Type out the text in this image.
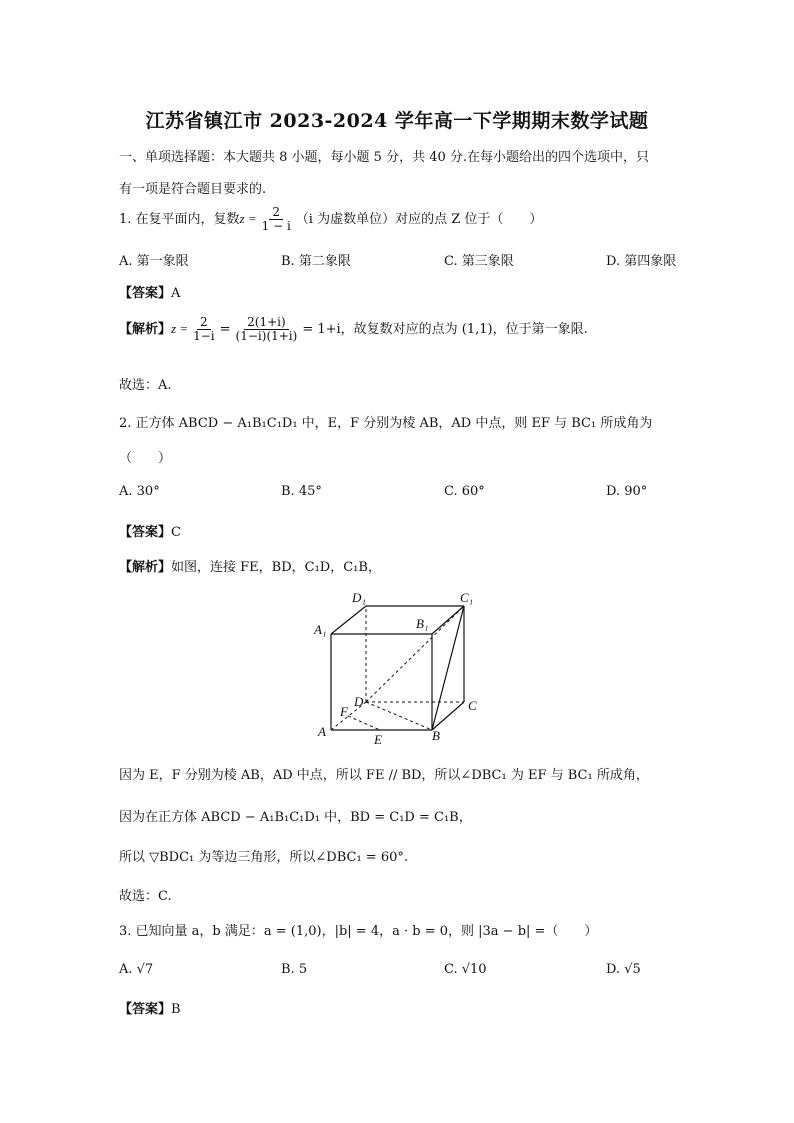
江苏省镇江市 2023-2024 学年高一下学期期末数学试题
一、单项选择题：本大题共 8 小题，每小题 5 分，共 40 分.在每小题给出的四个选项中，只
有一项是符合题目要求的.
1. 在复平面内，复数$z = \frac{2}{1 - i} (i$ 为虚数单位）对应的点 Z 位于（　　）
A. 第一象限	B. 第二象限	C. 第三象限	D. 第四象限
【答案】A
【解析】$z = \frac{2}{1-i} = \frac{2(1+i)}{(1-i)(1+i)} = 1+i$，故复数对应的点为 (1,1)，位于第一象限.
故选：A.
2. 正方体 ABCD − A₁B₁C₁D₁ 中，E，F 分别为棱 AB，AD 中点，则 EF 与 BC₁ 所成角为
（　　）
A. 30°	B. 45°	C. 60°	D. 90°
【答案】C
【解析】如图，连接 FE，BD，C₁D，C₁B，
D₁	C₁
A₁	B₁
D	C
F
A
E	B
因为 E，F 分别为棱 AB，AD 中点，所以 FE // BD，所以∠DBC₁ 为 EF 与 BC₁ 所成角，
因为在正方体 ABCD − A₁B₁C₁D₁ 中，BD = C₁D = C₁B，
所以 ▽BDC₁ 为等边三角形，所以∠DBC₁ = 60°.
故选：C.
3. 已知向量 a，b 满足：a = (1,0)，|b| = 4，a · b = 0，则 |3a − b| =（　　）
A. √7	B. 5	C. √10	D. √5
【答案】B
